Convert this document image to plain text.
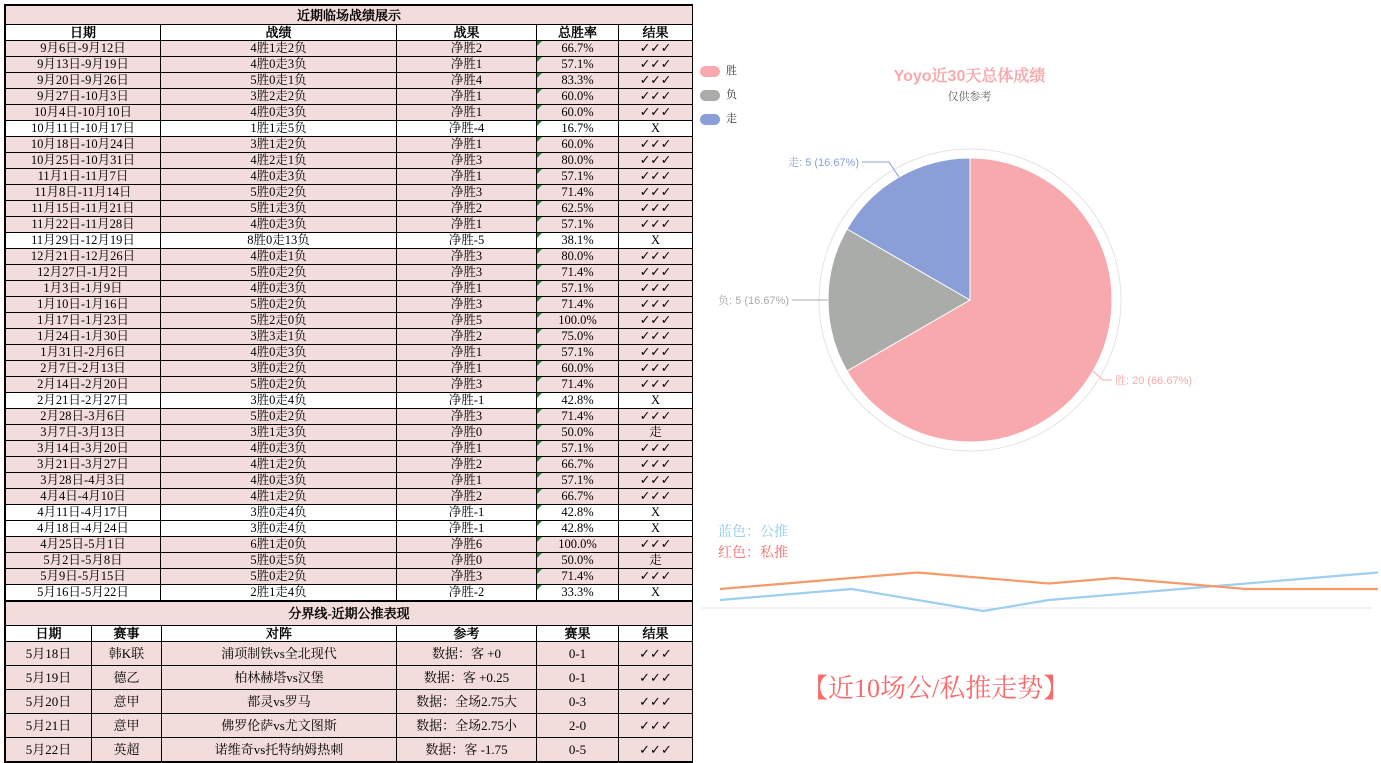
近期临场战绩展示				
日期	战绩	战果	总胜率	结果
9月6日-9月12日	4胜1走2负	净胜2	66.7%	✓✓✓
9月13日-9月19日	4胜0走3负	净胜1	57.1%	✓✓✓
9月20日-9月26日	5胜0走1负	净胜4	83.3%	✓✓✓
9月27日-10月3日	3胜2走2负	净胜1	60.0%	✓✓✓
10月4日-10月10日	4胜0走3负	净胜1	60.0%	✓✓✓
10月11日-10月17日	1胜1走5负	净胜-4	16.7%	X
10月18日-10月24日	3胜1走2负	净胜1	60.0%	✓✓✓
10月25日-10月31日	4胜2走1负	净胜3	80.0%	✓✓✓
11月1日-11月7日	4胜0走3负	净胜1	57.1%	✓✓✓
11月8日-11月14日	5胜0走2负	净胜3	71.4%	✓✓✓
11月15日-11月21日	5胜1走3负	净胜2	62.5%	✓✓✓
11月22日-11月28日	4胜0走3负	净胜1	57.1%	✓✓✓
11月29日-12月19日	8胜0走13负	净胜-5	38.1%	X
12月21日-12月26日	4胜0走1负	净胜3	80.0%	✓✓✓
12月27日-1月2日	5胜0走2负	净胜3	71.4%	✓✓✓
1月3日-1月9日	4胜0走3负	净胜1	57.1%	✓✓✓
1月10日-1月16日	5胜0走2负	净胜3	71.4%	✓✓✓
1月17日-1月23日	5胜2走0负	净胜5	100.0%	✓✓✓
1月24日-1月30日	3胜3走1负	净胜2	75.0%	✓✓✓
1月31日-2月6日	4胜0走3负	净胜1	57.1%	✓✓✓
2月7日-2月13日	3胜0走2负	净胜1	60.0%	✓✓✓
2月14日-2月20日	5胜0走2负	净胜3	71.4%	✓✓✓
2月21日-2月27日	3胜0走4负	净胜-1	42.8%	X
2月28日-3月6日	5胜0走2负	净胜3	71.4%	✓✓✓
3月7日-3月13日	3胜1走3负	净胜0	50.0%	走
3月14日-3月20日	4胜0走3负	净胜1	57.1%	✓✓✓
3月21日-3月27日	4胜1走2负	净胜2	66.7%	✓✓✓
3月28日-4月3日	4胜0走3负	净胜1	57.1%	✓✓✓
4月4日-4月10日	4胜1走2负	净胜2	66.7%	✓✓✓
4月11日-4月17日	3胜0走4负	净胜-1	42.8%	X
4月18日-4月24日	3胜0走4负	净胜-1	42.8%	X
4月25日-5月1日	6胜1走0负	净胜6	100.0%	✓✓✓
5月2日-5月8日	5胜0走5负	净胜0	50.0%	走
5月9日-5月15日	5胜0走2负	净胜3	71.4%	✓✓✓
5月16日-5月22日	2胜1走4负	净胜-2	33.3%	X
分界线-近期公推表现					
日期	赛事	对阵	参考	赛果	结果
5月18日	韩K联	浦项制铁vs全北现代	数据：客 +0	0-1	✓✓✓
5月19日	德乙	柏林赫塔vs汉堡	数据：客 +0.25	0-1	✓✓✓
5月20日	意甲	都灵vs罗马	数据：全场2.75大	0-3	✓✓✓
5月21日	意甲	佛罗伦萨vs尤文图斯	数据：全场2.75小	2-0	✓✓✓
5月22日	英超	诺维奇vs托特纳姆热刺	数据：客 -1.75	0-5	✓✓✓
胜
负
走
Yoyo近30天总体成绩
仅供参考
胜: 20 (66.67%)
负: 5 (16.67%)
走: 5 (16.67%)
蓝色：公推
红色：私推
【近10场公/私推走势】
